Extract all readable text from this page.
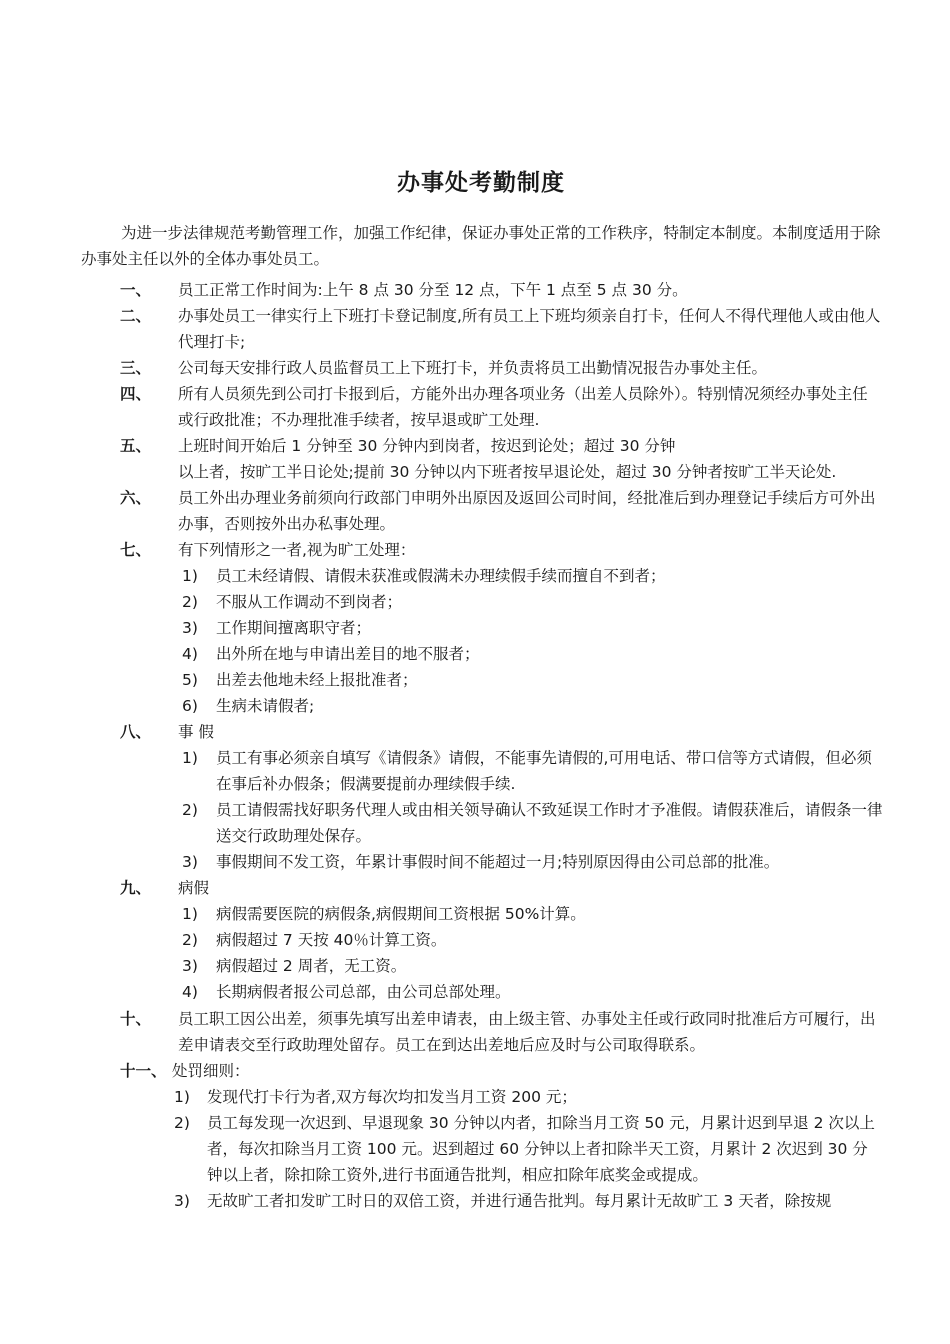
办事处考勤制度
为进一步法律规范考勤管理工作，加强工作纪律，保证办事处正常的工作秩序，特制定本制度。本制度适用于除办事处主任以外的全体办事处员工。
一、 员工正常工作时间为:上午 8 点 30 分至 12 点，下午 1 点至 5 点 30 分。
二、 办事处员工一律实行上下班打卡登记制度,所有员工上下班均须亲自打卡，任何人不得代理他人或由他人代理打卡;
三、 公司每天安排行政人员监督员工上下班打卡，并负责将员工出勤情况报告办事处主任。
四、 所有人员须先到公司打卡报到后，方能外出办理各项业务（出差人员除外）。特别情况须经办事处主任或行政批准；不办理批准手续者，按早退或旷工处理.
五、 上班时间开始后 1 分钟至 30 分钟内到岗者，按迟到论处；超过 30 分钟
以上者，按旷工半日论处;提前 30 分钟以内下班者按早退论处，超过 30 分钟者按旷工半天论处.
六、 员工外出办理业务前须向行政部门申明外出原因及返回公司时间，经批准后到办理登记手续后方可外出办事，否则按外出办私事处理。
七、 有下列情形之一者,视为旷工处理：
1) 员工未经请假、请假未获准或假满未办理续假手续而擅自不到者；
2) 不服从工作调动不到岗者；
3) 工作期间擅离职守者；
4) 出外所在地与申请出差目的地不服者；
5) 出差去他地未经上报批准者；
6) 生病未请假者;
八、 事 假
1) 员工有事必须亲自填写《请假条》请假，不能事先请假的,可用电话、带口信等方式请假，但必须在事后补办假条；假满要提前办理续假手续.
2) 员工请假需找好职务代理人或由相关领导确认不致延误工作时才予准假。请假获准后，请假条一律送交行政助理处保存。
3) 事假期间不发工资，年累计事假时间不能超过一月;特别原因得由公司总部的批准。
九、 病假
1) 病假需要医院的病假条,病假期间工资根据 50%计算。
2) 病假超过 7 天按 40％计算工资。
3) 病假超过 2 周者，无工资。
4) 长期病假者报公司总部，由公司总部处理。
十、 员工职工因公出差，须事先填写出差申请表，由上级主管、办事处主任或行政同时批准后方可履行，出差申请表交至行政助理处留存。员工在到达出差地后应及时与公司取得联系。
十一、 处罚细则：
1) 发现代打卡行为者,双方每次均扣发当月工资 200 元；
2) 员工每发现一次迟到、早退现象 30 分钟以内者，扣除当月工资 50 元，月累计迟到早退 2 次以上者，每次扣除当月工资 100 元。迟到超过 60 分钟以上者扣除半天工资，月累计 2 次迟到 30 分钟以上者，除扣除工资外,进行书面通告批判，相应扣除年底奖金或提成。
3) 无故旷工者扣发旷工时日的双倍工资，并进行通告批判。每月累计无故旷工 3 天者，除按规
